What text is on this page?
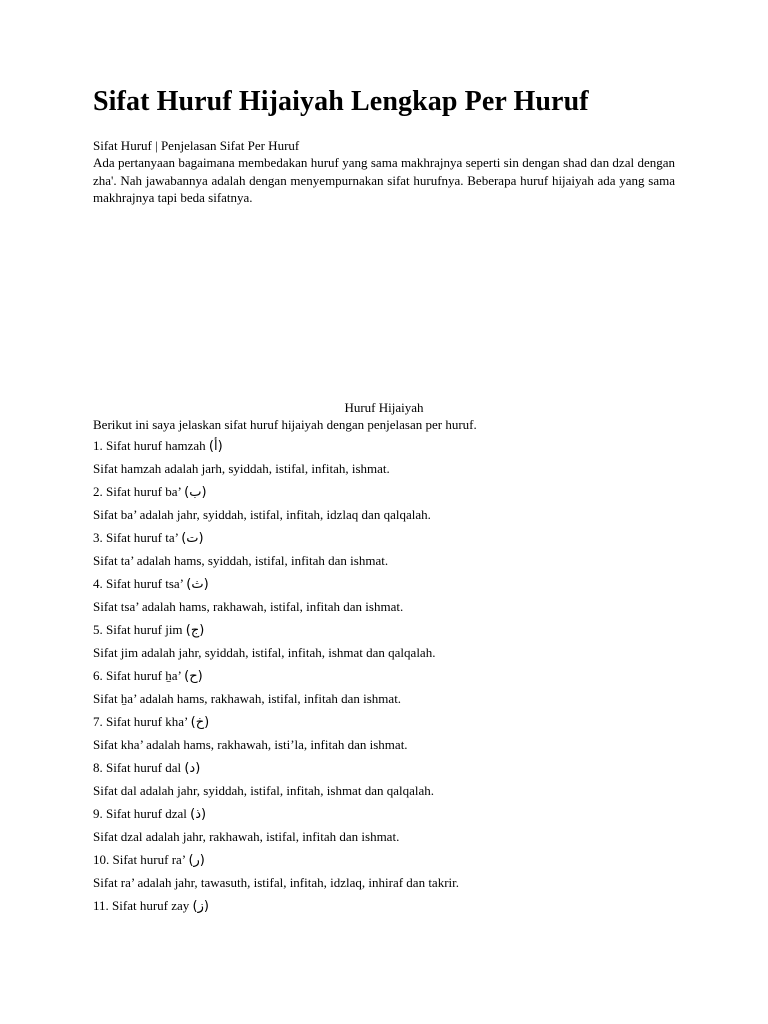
Sifat Huruf Hijaiyah Lengkap Per Huruf

Sifat Huruf | Penjelasan Sifat Per Huruf

Ada pertanyaan bagaimana membedakan huruf yang sama makhrajnya seperti sin dengan shad dan dzal dengan zha'. Nah jawabannya adalah dengan menyempurnakan sifat hurufnya. Beberapa huruf hijaiyah ada yang sama makhrajnya tapi beda sifatnya.

Huruf Hijaiyah
Berikut ini saya jelaskan sifat huruf hijaiyah dengan penjelasan per huruf.
1. Sifat huruf hamzah (أ)
Sifat hamzah adalah jarh, syiddah, istifal, infitah, ishmat.
2. Sifat huruf ba’ (ب)
Sifat ba’ adalah jahr, syiddah, istifal, infitah, idzlaq dan qalqalah.
3. Sifat huruf ta’ (ت)
Sifat ta’ adalah hams, syiddah, istifal, infitah dan ishmat.
4. Sifat huruf tsa’ (ث)
Sifat tsa’ adalah hams, rakhawah, istifal, infitah dan ishmat.
5. Sifat huruf jim (ج)
Sifat jim adalah jahr, syiddah, istifal, infitah, ishmat dan qalqalah.
6. Sifat huruf ẖa’ (ح)
Sifat ẖa’ adalah hams, rakhawah, istifal, infitah dan ishmat.
7. Sifat huruf kha’ (خ)
Sifat kha’ adalah hams, rakhawah, isti’la, infitah dan ishmat.
8. Sifat huruf dal (د)
Sifat dal adalah jahr, syiddah, istifal, infitah, ishmat dan qalqalah.
9. Sifat huruf dzal (ذ)
Sifat dzal adalah jahr, rakhawah, istifal, infitah dan ishmat.
10. Sifat huruf ra’ (ر)
Sifat ra’ adalah jahr, tawasuth, istifal, infitah, idzlaq, inhiraf dan takrir.
11. Sifat huruf zay (ز)
